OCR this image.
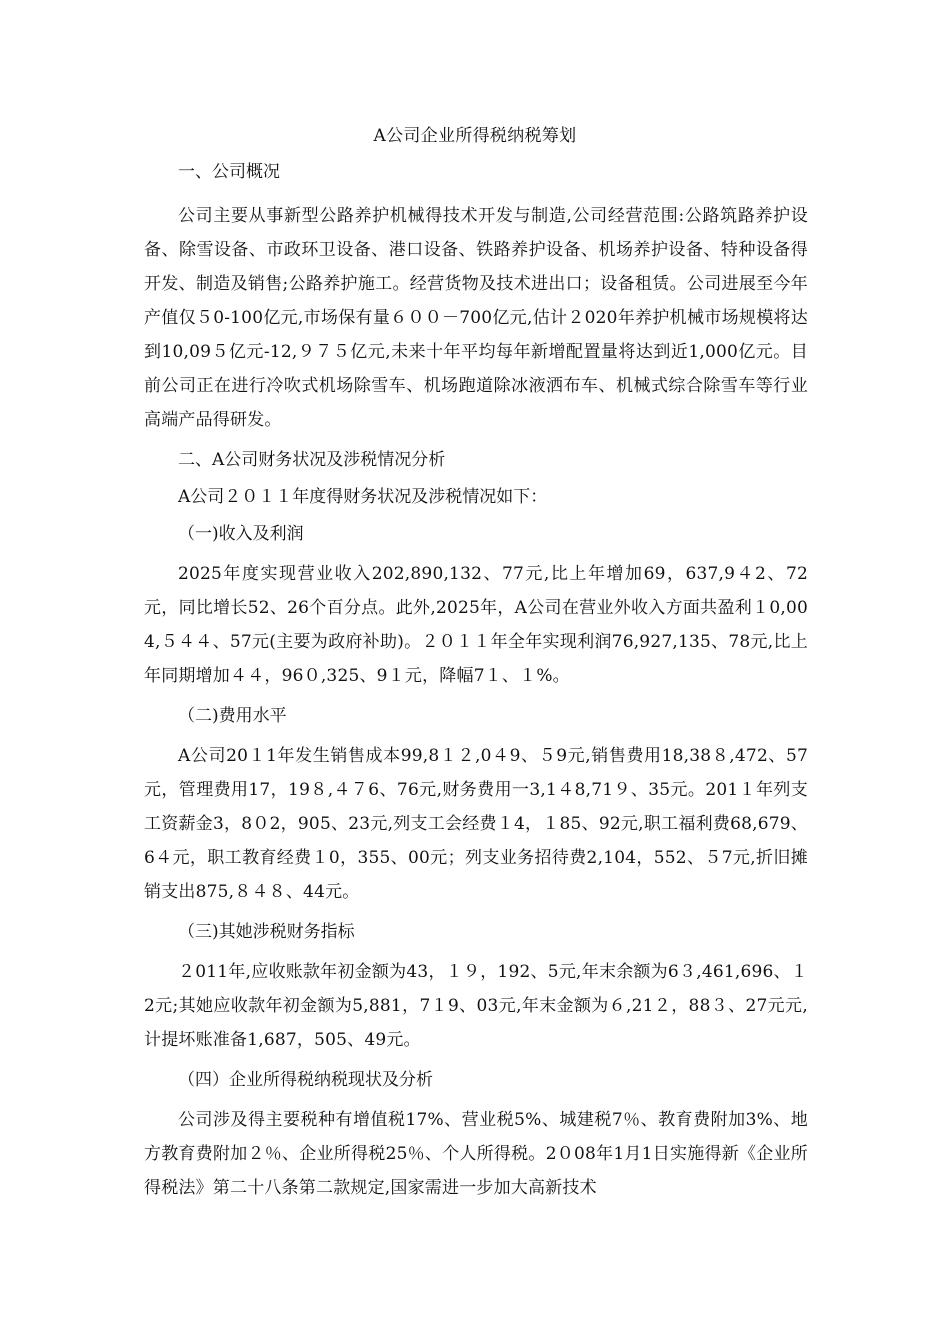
A公司企业所得税纳税筹划

一、公司概况

公司主要从事新型公路养护机械得技术开发与制造,公司经营范围:公路筑路养护设备、除雪设备、市政环卫设备、港口设备、铁路养护设备、机场养护设备、特种设备得开发、制造及销售;公路养护施工。经营货物及技术进出口；设备租赁。公司进展至今年产值仅５0-100亿元,市场保有量６００－700亿元,估计２020年养护机械市场规模将达到10,09５亿元-12,９７５亿元,未来十年平均每年新增配置量将达到近1,000亿元。目前公司正在进行冷吹式机场除雪车、机场跑道除冰液洒布车、机械式综合除雪车等行业高端产品得研发。

二、A公司财务状况及涉税情况分析

A公司２０１１年度得财务状况及涉税情况如下：

（一)收入及利润

2025年度实现营业收入202,890,132、77元,比上年增加69，637,9４2、72元，同比增长52、26个百分点。此外,2025年，A公司在营业外收入方面共盈利１0,004,５４４、57元(主要为政府补助)。２０１１年全年实现利润76,927,135、78元,比上年同期增加４４，96０,325、9１元，降幅7１、１%。

（二)费用水平

A公司20１1年发生销售成本99,8１２,0４9、５9元,销售费用18,38８,472、57元，管理费用17，19８,４７6、76元,财务费用一3,1４8,71９、35元。201１年列支工资薪金3，8０2，905、23元,列支工会经费１4，１85、92元,职工福利费68,679、6４元，职工教育经费１0，355、00元；列支业务招待费2,104，552、５7元,折旧摊销支出875,８４８、44元。

（三)其她涉税财务指标

２011年,应收账款年初金额为43，１９，192、5元,年末余额为6３,461,696、１2元;其她应收款年初金额为5,881，7１9、03元,年末金额为６,21２，88３、27元元,计提坏账准备1,687，505、49元。

（四）企业所得税纳税现状及分析

公司涉及得主要税种有增值税17%、营业税5%、城建税7％、教育费附加3%、地方教育费附加２％、企业所得税25％、个人所得税。2０08年1月1日实施得新《企业所得税法》第二十八条第二款规定,国家需进一步加大高新技术
